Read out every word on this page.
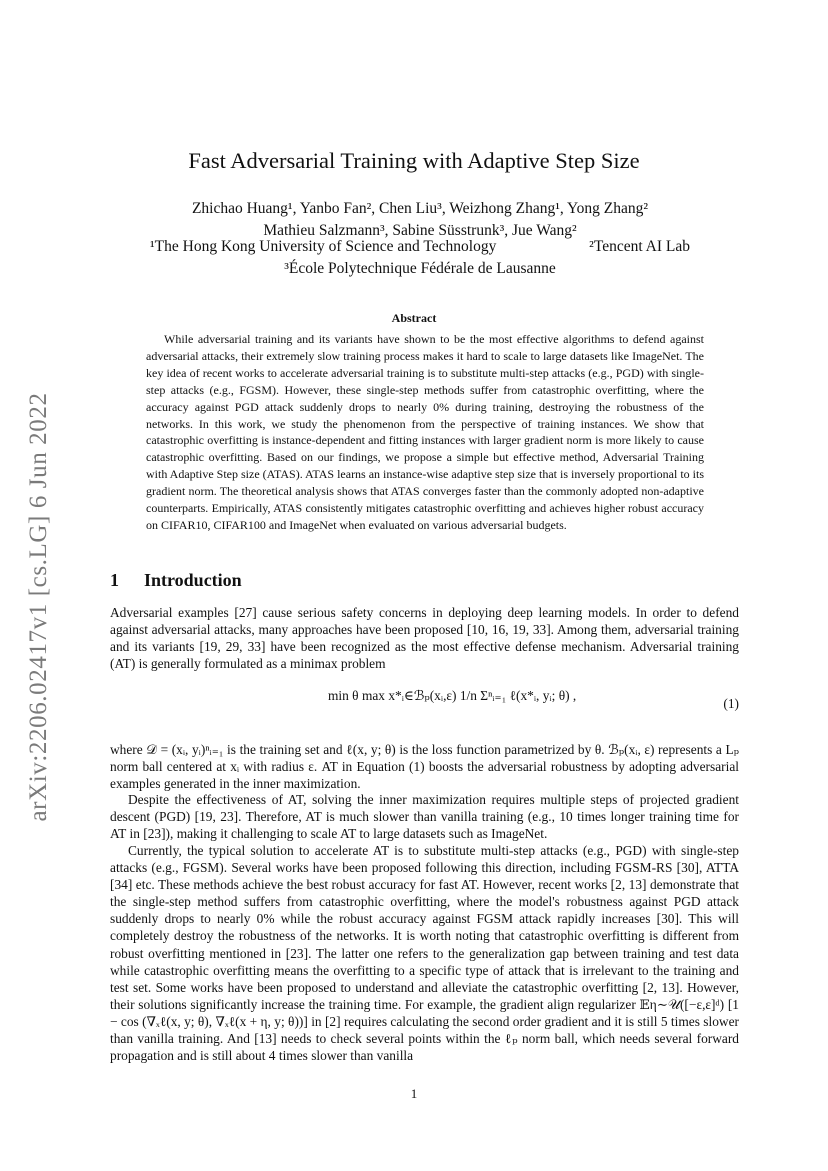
arXiv:2206.02417v1 [cs.LG] 6 Jun 2022
Fast Adversarial Training with Adaptive Step Size
Zhichao Huang¹, Yanbo Fan², Chen Liu³, Weizhong Zhang¹, Yong Zhang²
Mathieu Salzmann³, Sabine Süsstrunk³, Jue Wang²
¹The Hong Kong University of Science and Technology	²Tencent AI Lab
³École Polytechnique Fédérale de Lausanne
Abstract
While adversarial training and its variants have shown to be the most effective algorithms to defend against adversarial attacks, their extremely slow training process makes it hard to scale to large datasets like ImageNet. The key idea of recent works to accelerate adversarial training is to substitute multi-step attacks (e.g., PGD) with single-step attacks (e.g., FGSM). However, these single-step methods suffer from catastrophic overfitting, where the accuracy against PGD attack suddenly drops to nearly 0% during training, destroying the robustness of the networks. In this work, we study the phenomenon from the perspective of training instances. We show that catastrophic overfitting is instance-dependent and fitting instances with larger gradient norm is more likely to cause catastrophic overfitting. Based on our findings, we propose a simple but effective method, Adversarial Training with Adaptive Step size (ATAS). ATAS learns an instance-wise adaptive step size that is inversely proportional to its gradient norm. The theoretical analysis shows that ATAS converges faster than the commonly adopted non-adaptive counterparts. Empirically, ATAS consistently mitigates catastrophic overfitting and achieves higher robust accuracy on CIFAR10, CIFAR100 and ImageNet when evaluated on various adversarial budgets.
1 Introduction
Adversarial examples [27] cause serious safety concerns in deploying deep learning models. In order to defend against adversarial attacks, many approaches have been proposed [10, 16, 19, 33]. Among them, adversarial training and its variants [19, 29, 33] have been recognized as the most effective defense mechanism. Adversarial training (AT) is generally formulated as a minimax problem
min θ max x*ᵢ∈ℬₚ(xᵢ,ε) 1/n Σⁿᵢ₌₁ ℓ(x*ᵢ, yᵢ; θ) ,
(1)
where 𝒟 = (xᵢ, yᵢ)ⁿᵢ₌₁ is the training set and ℓ(x, y; θ) is the loss function parametrized by θ. ℬₚ(xᵢ, ε) represents a Lₚ norm ball centered at xᵢ with radius ε. AT in Equation (1) boosts the adversarial robustness by adopting adversarial examples generated in the inner maximization.
Despite the effectiveness of AT, solving the inner maximization requires multiple steps of projected gradient descent (PGD) [19, 23]. Therefore, AT is much slower than vanilla training (e.g., 10 times longer training time for AT in [23]), making it challenging to scale AT to large datasets such as ImageNet.
Currently, the typical solution to accelerate AT is to substitute multi-step attacks (e.g., PGD) with single-step attacks (e.g., FGSM). Several works have been proposed following this direction, including FGSM-RS [30], ATTA [34] etc. These methods achieve the best robust accuracy for fast AT. However, recent works [2, 13] demonstrate that the single-step method suffers from catastrophic overfitting, where the model's robustness against PGD attack suddenly drops to nearly 0% while the robust accuracy against FGSM attack rapidly increases [30]. This will completely destroy the robustness of the networks. It is worth noting that catastrophic overfitting is different from robust overfitting mentioned in [23]. The latter one refers to the generalization gap between training and test data while catastrophic overfitting means the overfitting to a specific type of attack that is irrelevant to the training and test set. Some works have been proposed to understand and alleviate the catastrophic overfitting [2, 13]. However, their solutions significantly increase the training time. For example, the gradient align regularizer 𝔼η∼𝒰([−ε,ε]ᵈ) [1 − cos (∇ₓℓ(x, y; θ), ∇ₓℓ(x + η, y; θ))] in [2] requires calculating the second order gradient and it is still 5 times slower than vanilla training. And [13] needs to check several points within the ℓₚ norm ball, which needs several forward propagation and is still about 4 times slower than vanilla
1
